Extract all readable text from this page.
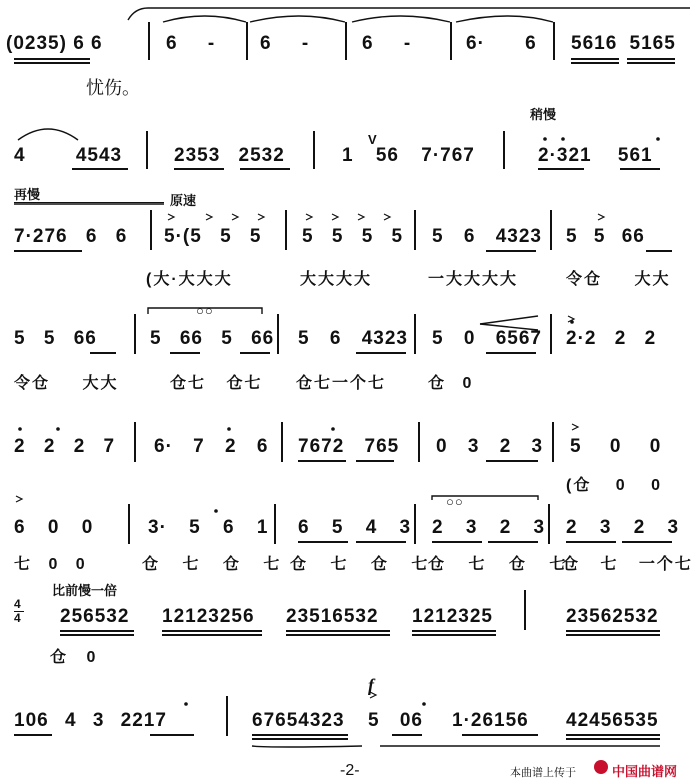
(0235) 6 6	6 - 6 -	6 -	6· 6 5616 5165
忧伤。
稍慢
4 4543	2353 2532
V
1 56 7·767	2·321 561
再慢	原速
7·276 6 6 5·(5 5 5 5 5 5 5 5 6 4323 5 5 66
(大·大大大	大大大大	一大大大大	令仓 大大
○○
5 5 66	5 66 5 66 5 6 4323 5 0 6567 2·2 2 2
令仓 大大	仓七 仓七 仓七一个七	仓 0
2 2 2 7 6· 7 2 6 7672 765 0 3 2 3 5 0 0
(仓 0 0
○○
6 0 0	3· 5 6 1 6 5 4 3 2 3 2 3 2 3 2 3
七 0 0	仓 七 仓 七 仓 七 仓 七
仓 七 仓 七
仓 七 一个七
比前慢一倍
4
4 256532 12123256 23516532 1212325	23562532
仓 0
f
106 4 3 2217	67654323 5 06 1·26156 42456535
-2-	本曲谱上传于	中国曲谱网
